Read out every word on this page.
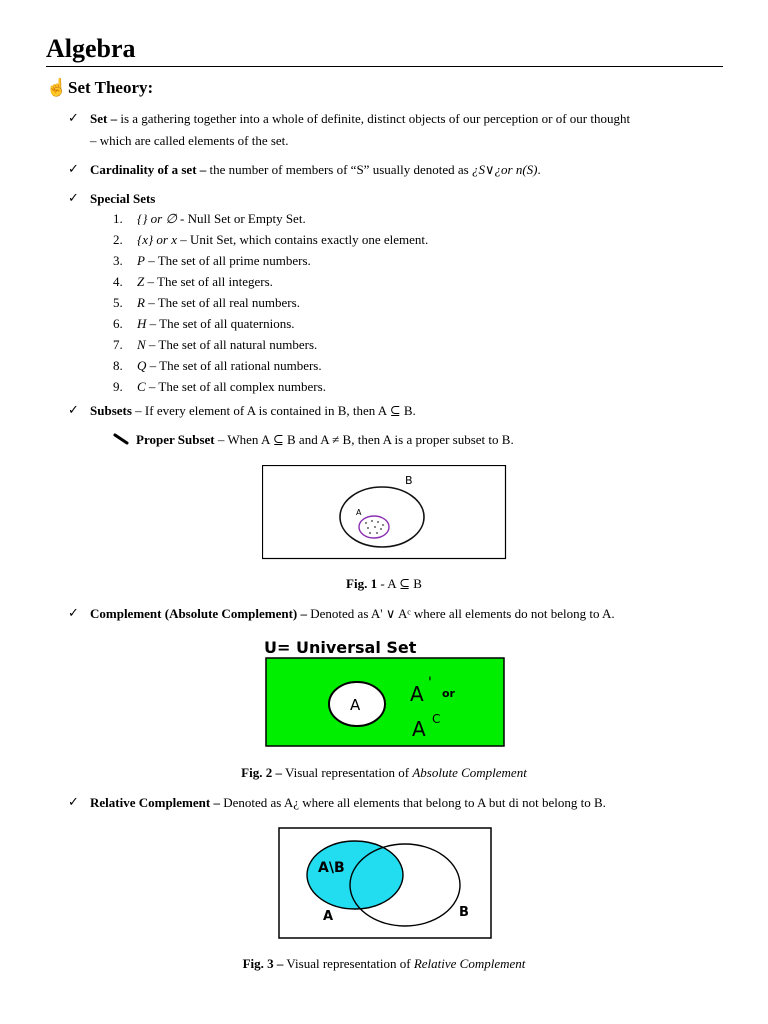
Algebra
☝Set Theory:
✓ Set – is a gathering together into a whole of definite, distinct objects of our perception or of our thought
– which are called elements of the set.
✓ Cardinality of a set – the number of members of “S” usually denoted as ¿S∨¿or n(S).
✓ Special Sets
1.	{} or ∅ - Null Set or Empty Set.
2.	{x} or x – Unit Set, which contains exactly one element.
3.	P – The set of all prime numbers.
4.	Z – The set of all integers.
5.	R – The set of all real numbers.
6.	H – The set of all quaternions.
7.	N – The set of all natural numbers.
8.	Q – The set of all rational numbers.
9.	C – The set of all complex numbers.
✓ Subsets – If every element of A is contained in B, then A ⊆ B.
Proper Subset – When A ⊆ B and A ≠ B, then A is a proper subset to B.
B
A
Fig. 1 - A ⊆ B
✓ Complement (Absolute Complement) – Denoted as A' ∨ Aᶜ where all elements do not belong to A.
U= Universal Set
A A '
or
A C
Fig. 2 – Visual representation of Absolute Complement
✓ Relative Complement – Denoted as A¿ where all elements that belong to A but di not belong to B.
A\B
A	B
Fig. 3 – Visual representation of Relative Complement
